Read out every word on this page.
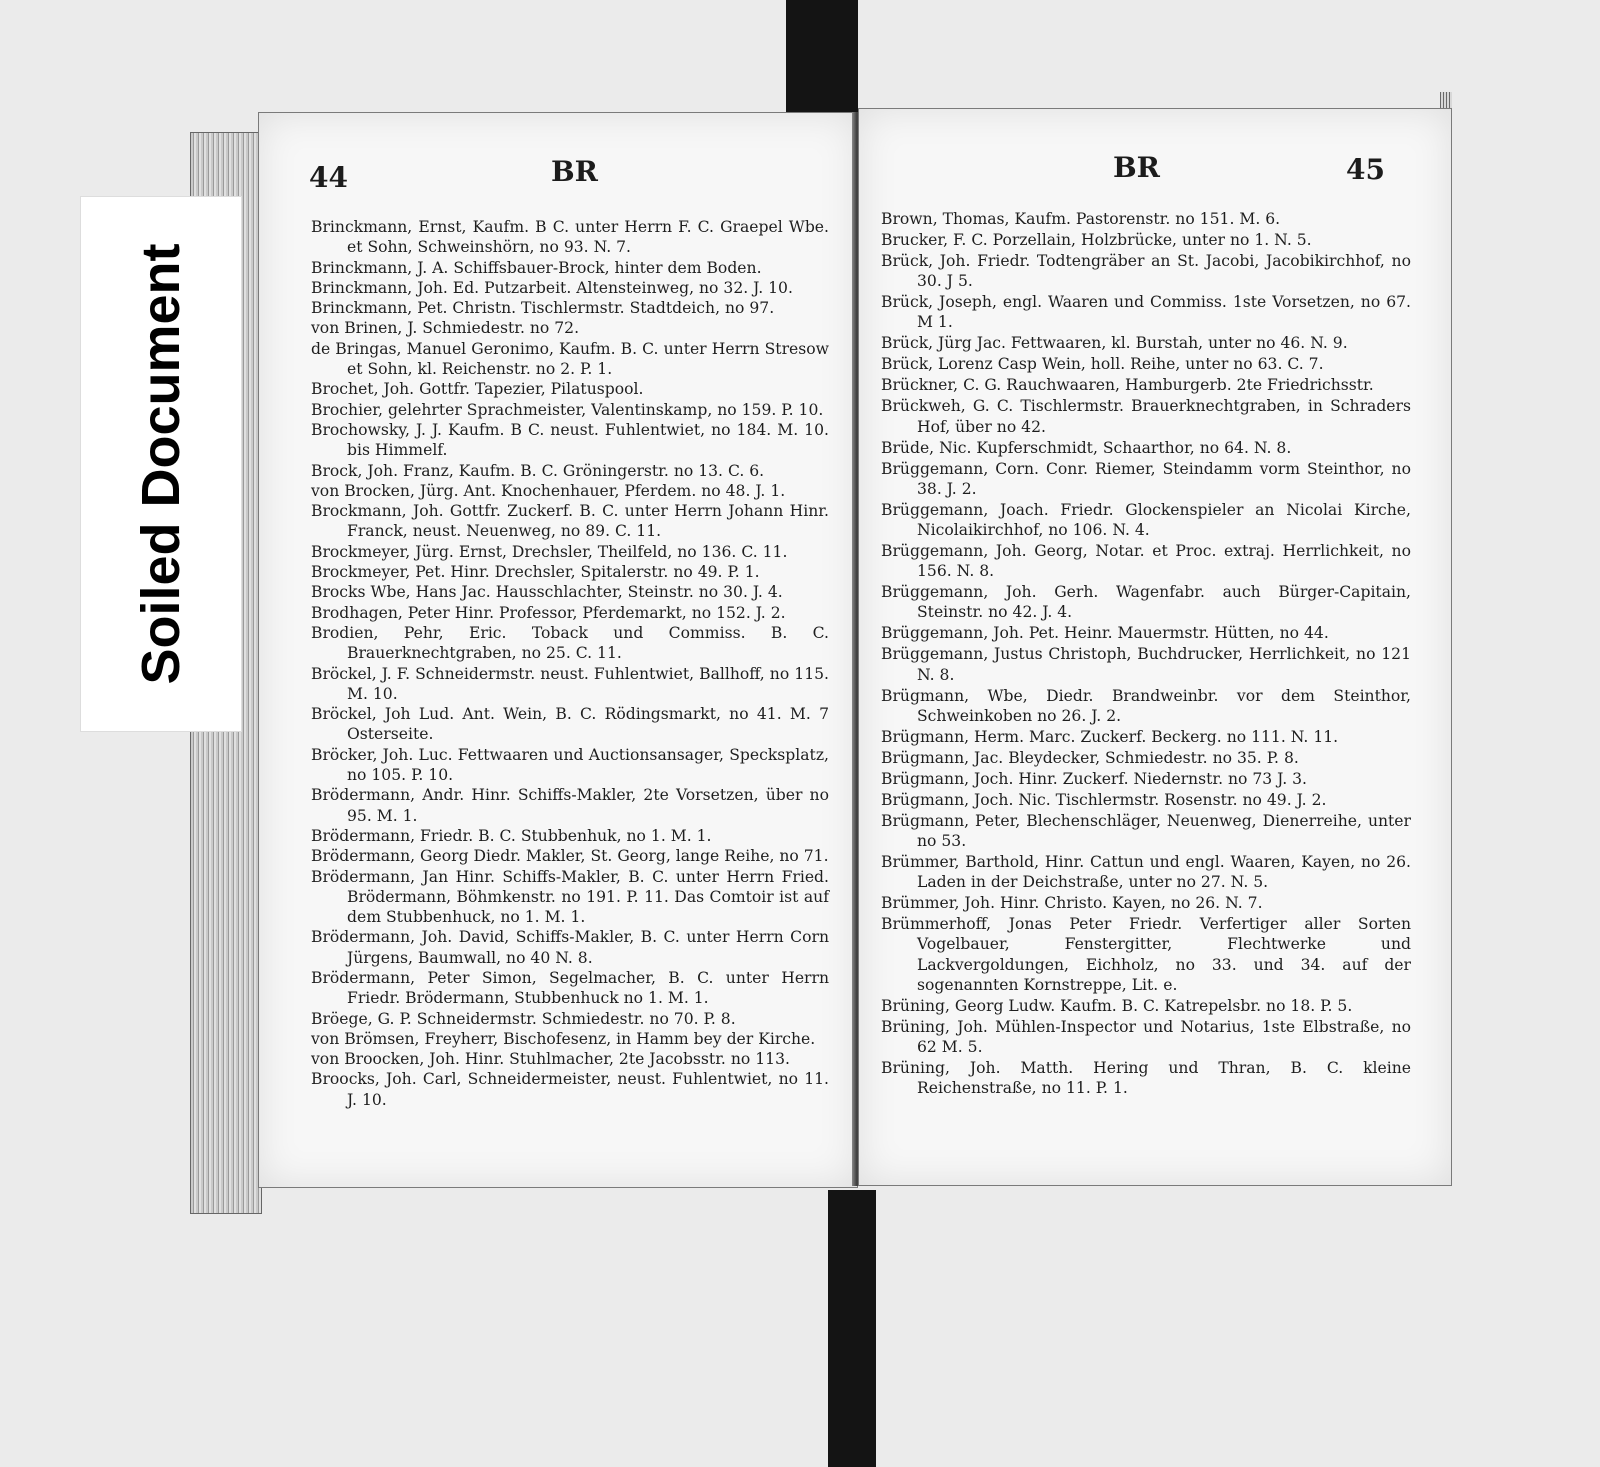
44	BR
Brinckmann, Ernst, Kaufm. B C. unter Herrn F. C. Graepel Wbe. et Sohn, Schweinshörn, no 93. N. 7.
Brinckmann, J. A. Schiffsbauer-Brock, hinter dem Boden.
Brinckmann, Joh. Ed. Putzarbeit. Altensteinweg, no 32. J. 10.
Brinckmann, Pet. Christn. Tischlermstr. Stadtdeich, no 97.
von Brinen, J. Schmiedestr. no 72.
de Bringas, Manuel Geronimo, Kaufm. B. C. unter Herrn Stresow et Sohn, kl. Reichenstr. no 2. P. 1.
Brochet, Joh. Gottfr. Tapezier, Pilatuspool.
Brochier, gelehrter Sprachmeister, Valentinskamp, no 159. P. 10.
Brochowsky, J. J. Kaufm. B C. neust. Fuhlentwiet, no 184. M. 10. bis Himmelf.
Brock, Joh. Franz, Kaufm. B. C. Gröningerstr. no 13. C. 6.
von Brocken, Jürg. Ant. Knochenhauer, Pferdem. no 48. J. 1.
Brockmann, Joh. Gottfr. Zuckerf. B. C. unter Herrn Johann Hinr. Franck, neust. Neuenweg, no 89. C. 11.
Brockmeyer, Jürg. Ernst, Drechsler, Theilfeld, no 136. C. 11.
Brockmeyer, Pet. Hinr. Drechsler, Spitalerstr. no 49. P. 1.
Brocks Wbe, Hans Jac. Hausschlachter, Steinstr. no 30. J. 4.
Brodhagen, Peter Hinr. Professor, Pferdemarkt, no 152. J. 2.
Brodien, Pehr, Eric. Toback und Commiss. B. C. Brauerknechtgraben, no 25. C. 11.
Bröckel, J. F. Schneidermstr. neust. Fuhlentwiet, Ballhoff, no 115. M. 10.
Bröckel, Joh Lud. Ant. Wein, B. C. Rödingsmarkt, no 41. M. 7 Osterseite.
Bröcker, Joh. Luc. Fettwaaren und Auctionsansager, Specksplatz, no 105. P. 10.
Brödermann, Andr. Hinr. Schiffs-Makler, 2te Vorsetzen, über no 95. M. 1.
Brödermann, Friedr. B. C. Stubbenhuk, no 1. M. 1.
Brödermann, Georg Diedr. Makler, St. Georg, lange Reihe, no 71.
Brödermann, Jan Hinr. Schiffs-Makler, B. C. unter Herrn Fried. Brödermann, Böhmkenstr. no 191. P. 11. Das Comtoir ist auf dem Stubbenhuck, no 1. M. 1.
Brödermann, Joh. David, Schiffs-Makler, B. C. unter Herrn Corn Jürgens, Baumwall, no 40 N. 8.
Brödermann, Peter Simon, Segelmacher, B. C. unter Herrn Friedr. Brödermann, Stubbenhuck no 1. M. 1.
Bröege, G. P. Schneidermstr. Schmiedestr. no 70. P. 8.
von Brömsen, Freyherr, Bischofesenz, in Hamm bey der Kirche.
von Broocken, Joh. Hinr. Stuhlmacher, 2te Jacobsstr. no 113.
Broocks, Joh. Carl, Schneidermeister, neust. Fuhlentwiet, no 11. J. 10.
BR	45
Brown, Thomas, Kaufm. Pastorenstr. no 151. M. 6.
Brucker, F. C. Porzellain, Holzbrücke, unter no 1. N. 5.
Brück, Joh. Friedr. Todtengräber an St. Jacobi, Jacobikirchhof, no 30. J 5.
Brück, Joseph, engl. Waaren und Commiss. 1ste Vorsetzen, no 67. M 1.
Brück, Jürg Jac. Fettwaaren, kl. Burstah, unter no 46. N. 9.
Brück, Lorenz Casp Wein, holl. Reihe, unter no 63. C. 7.
Brückner, C. G. Rauchwaaren, Hamburgerb. 2te Friedrichsstr.
Brückweh, G. C. Tischlermstr. Brauerknechtgraben, in Schraders Hof, über no 42.
Brüde, Nic. Kupferschmidt, Schaarthor, no 64. N. 8.
Brüggemann, Corn. Conr. Riemer, Steindamm vorm Steinthor, no 38. J. 2.
Brüggemann, Joach. Friedr. Glockenspieler an Nicolai Kirche, Nicolaikirchhof, no 106. N. 4.
Brüggemann, Joh. Georg, Notar. et Proc. extraj. Herrlichkeit, no 156. N. 8.
Brüggemann, Joh. Gerh. Wagenfabr. auch Bürger-Capitain, Steinstr. no 42. J. 4.
Brüggemann, Joh. Pet. Heinr. Mauermstr. Hütten, no 44.
Brüggemann, Justus Christoph, Buchdrucker, Herrlichkeit, no 121 N. 8.
Brügmann, Wbe, Diedr. Brandweinbr. vor dem Steinthor, Schweinkoben no 26. J. 2.
Brügmann, Herm. Marc. Zuckerf. Beckerg. no 111. N. 11.
Brügmann, Jac. Bleydecker, Schmiedestr. no 35. P. 8.
Brügmann, Joch. Hinr. Zuckerf. Niedernstr. no 73 J. 3.
Brügmann, Joch. Nic. Tischlermstr. Rosenstr. no 49. J. 2.
Brügmann, Peter, Blechenschläger, Neuenweg, Dienerreihe, unter no 53.
Brümmer, Barthold, Hinr. Cattun und engl. Waaren, Kayen, no 26. Laden in der Deichstraße, unter no 27. N. 5.
Brümmer, Joh. Hinr. Christo. Kayen, no 26. N. 7.
Brümmerhoff, Jonas Peter Friedr. Verfertiger aller Sorten Vogelbauer, Fenstergitter, Flechtwerke und Lackvergoldungen, Eichholz, no 33. und 34. auf der sogenannten Kornstreppe, Lit. e.
Brüning, Georg Ludw. Kaufm. B. C. Katrepelsbr. no 18. P. 5.
Brüning, Joh. Mühlen-Inspector und Notarius, 1ste Elbstraße, no 62 M. 5.
Brüning, Joh. Matth. Hering und Thran, B. C. kleine Reichenstraße, no 11. P. 1.
Soiled Document
